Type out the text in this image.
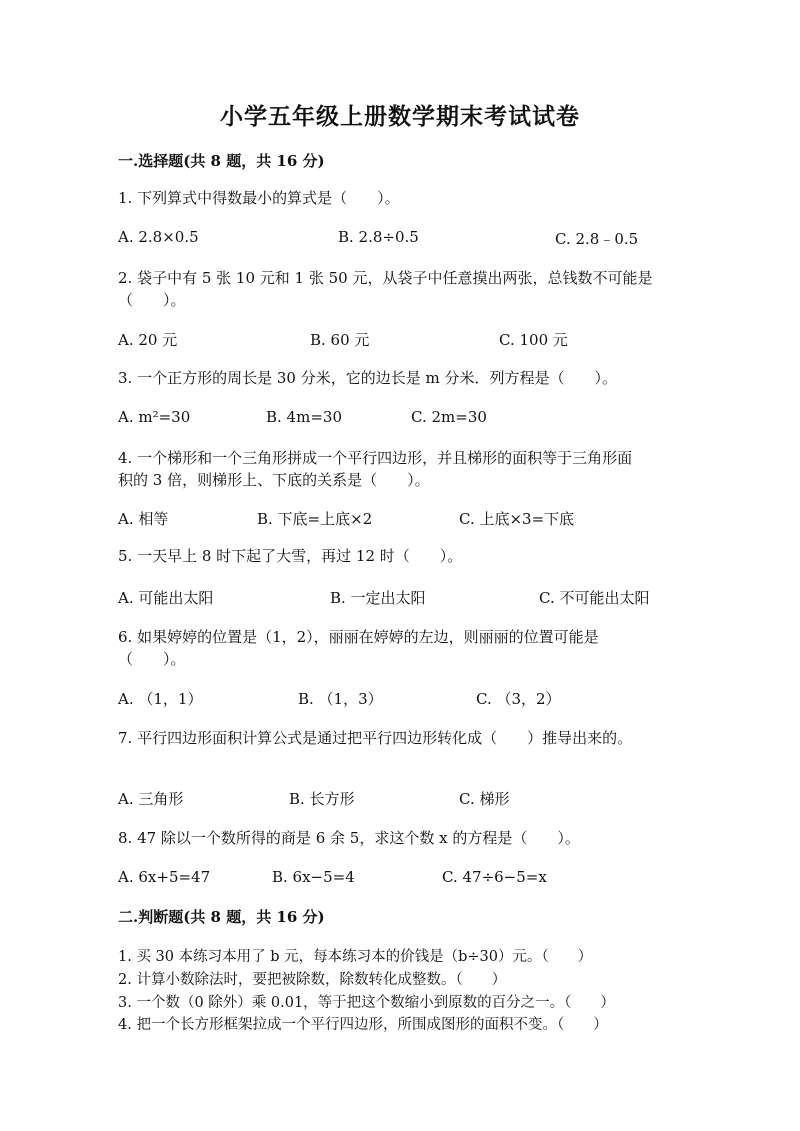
小学五年级上册数学期末考试试卷
一.选择题(共 8 题，共 16 分)
1. 下列算式中得数最小的算式是（　　）。
A. 2.8×0.5	B. 2.8÷0.5	C. 2.8﹣0.5
2. 袋子中有 5 张 10 元和 1 张 50 元，从袋子中任意摸出两张，总钱数不可能是
（　　）。
A. 20 元	B. 60 元	C. 100 元
3. 一个正方形的周长是 30 分米，它的边长是 m 分米．列方程是（　　）。
A. m²=30	B. 4m=30	C. 2m=30
4. 一个梯形和一个三角形拼成一个平行四边形，并且梯形的面积等于三角形面
积的 3 倍，则梯形上、下底的关系是（　　）。
A. 相等	B. 下底=上底×2	C. 上底×3=下底
5. 一天早上 8 时下起了大雪，再过 12 时（　　）。
A. 可能出太阳	B. 一定出太阳	C. 不可能出太阳
6. 如果婷婷的位置是（1，2），丽丽在婷婷的左边，则丽丽的位置可能是
（　　）。
A. （1，1）	B. （1，3）	C. （3，2）
7. 平行四边形面积计算公式是通过把平行四边形转化成（　　）推导出来的。
A. 三角形	B. 长方形	C. 梯形
8. 47 除以一个数所得的商是 6 余 5，求这个数 x 的方程是（　　）。
A. 6x+5=47	B. 6x−5=4	C. 47÷6−5=x
二.判断题(共 8 题，共 16 分)
1. 买 30 本练习本用了 b 元，每本练习本的价钱是（b÷30）元。（　　）
2. 计算小数除法时，要把被除数，除数转化成整数。（　　）
3. 一个数（0 除外）乘 0.01，等于把这个数缩小到原数的百分之一。（　　）
4. 把一个长方形框架拉成一个平行四边形，所围成图形的面积不变。（　　）
